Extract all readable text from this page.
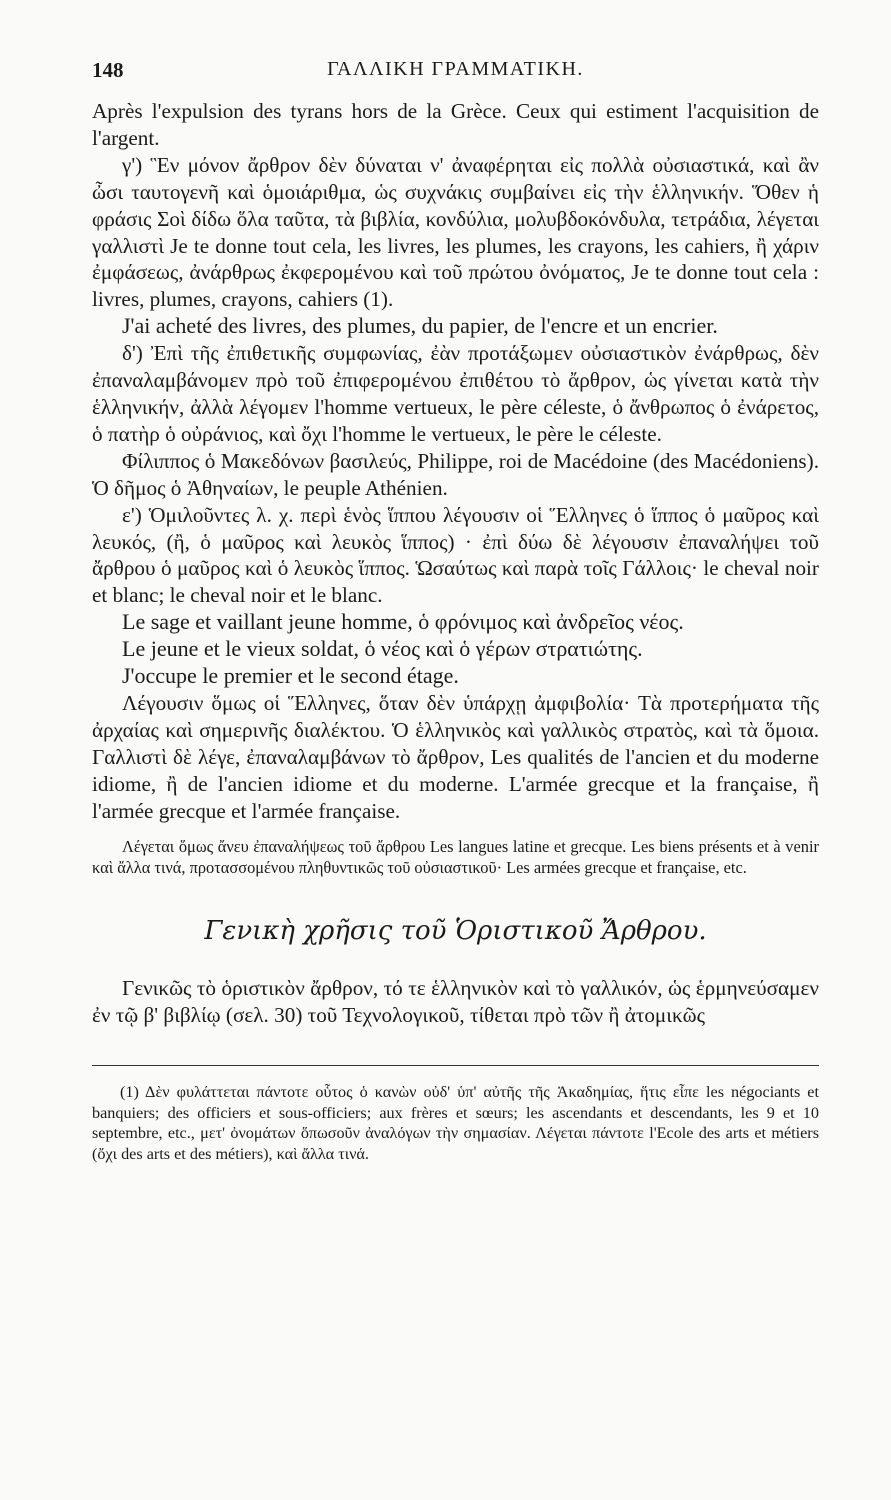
148	ΓΑΛΛΙΚΗ ΓΡΑΜΜΑΤΙΚΗ.

Après l'expulsion des tyrans hors de la Grèce. Ceux qui estiment l'acquisition de l'argent.

γ') Ἓν μόνον ἄρθρον δὲν δύναται ν' ἀναφέρηται εἰς πολλὰ οὐσιαστικά, καὶ ἂν ὦσι ταυτογενῆ καὶ ὁμοιάριθμα, ὡς συχνάκις συμβαίνει εἰς τὴν ἑλληνικήν. Ὅθεν ἡ φράσις Σοὶ δίδω ὅλα ταῦτα, τὰ βιβλία, κονδύλια, μολυβδοκόνδυλα, τετράδια, λέγεται γαλλιστὶ Je te donne tout cela, les livres, les plumes, les crayons, les cahiers, ἢ χάριν ἐμφάσεως, ἀνάρθρως ἐκφερομένου καὶ τοῦ πρώτου ὀνόματος, Je te donne tout cela : livres, plumes, crayons, cahiers (1).

J'ai acheté des livres, des plumes, du papier, de l'encre et un encrier.

δ') Ἐπὶ τῆς ἐπιθετικῆς συμφωνίας, ἐὰν προτάξωμεν οὐσιαστικὸν ἐνάρθρως, δὲν ἐπαναλαμβάνομεν πρὸ τοῦ ἐπιφερομένου ἐπιθέτου τὸ ἄρθρον, ὡς γίνεται κατὰ τὴν ἑλληνικήν, ἀλλὰ λέγομεν l'homme vertueux, le père céleste, ὁ ἄνθρωπος ὁ ἐνάρετος, ὁ πατὴρ ὁ οὐράνιος, καὶ ὄχι l'homme le vertueux, le père le céleste.

Φίλιππος ὁ Μακεδόνων βασιλεύς, Philippe, roi de Macédoine (des Macédoniens). Ὁ δῆμος ὁ Ἀθηναίων, le peuple Athénien.

ε') Ὁμιλοῦντες λ. χ. περὶ ἑνὸς ἵππου λέγουσιν οἱ Ἕλληνες ὁ ἵππος ὁ μαῦρος καὶ λευκός, (ἢ, ὁ μαῦρος καὶ λευκὸς ἵππος) · ἐπὶ δύω δὲ λέγουσιν ἐπαναλήψει τοῦ ἄρθρου ὁ μαῦρος καὶ ὁ λευκὸς ἵππος. Ὡσαύτως καὶ παρὰ τοῖς Γάλλοις· le cheval noir et blanc; le cheval noir et le blanc.

Le sage et vaillant jeune homme, ὁ φρόνιμος καὶ ἀνδρεῖος νέος.

Le jeune et le vieux soldat, ὁ νέος καὶ ὁ γέρων στρατιώτης.

J'occupe le premier et le second étage.

Λέγουσιν ὅμως οἱ Ἕλληνες, ὅταν δὲν ὑπάρχῃ ἀμφιβολία· Τὰ προτερήματα τῆς ἀρχαίας καὶ σημερινῆς διαλέκτου. Ὁ ἑλληνικὸς καὶ γαλλικὸς στρατὸς, καὶ τὰ ὅμοια. Γαλλιστὶ δὲ λέγε, ἐπαναλαμβάνων τὸ ἄρθρον, Les qualités de l'ancien et du moderne idiome, ἢ de l'ancien idiome et du moderne. L'armée grecque et la française, ἢ l'armée grecque et l'armée française.

Λέγεται ὅμως ἄνευ ἐπαναλήψεως τοῦ ἄρθρου Les langues latine et grecque. Les biens présents et à venir καὶ ἄλλα τινά, προτασσομένου πληθυντικῶς τοῦ οὐσιαστικοῦ· Les armées grecque et française, etc.

Γενικὴ χρῆσις τοῦ Ὁριστικοῦ Ἄρθρου.

Γενικῶς τὸ ὁριστικὸν ἄρθρον, τό τε ἑλληνικὸν καὶ τὸ γαλλικόν, ὡς ἑρμηνεύσαμεν ἐν τῷ β' βιβλίῳ (σελ. 30) τοῦ Τεχνολογικοῦ, τίθεται πρὸ τῶν ἢ ἀτομικῶς

(1) Δὲν φυλάττεται πάντοτε οὗτος ὁ κανὼν οὐδ' ὑπ' αὐτῆς τῆς Ἀκαδημίας, ἥτις εἶπε les négociants et banquiers; des officiers et sous-officiers; aux frères et sœurs; les ascendants et descendants, les 9 et 10 septembre, etc., μετ' ὀνομάτων ὅπωσοῦν ἀναλόγων τὴν σημασίαν. Λέγεται πάντοτε l'Ecole des arts et métiers (ὄχι des arts et des métiers), καὶ ἄλλα τινά.
